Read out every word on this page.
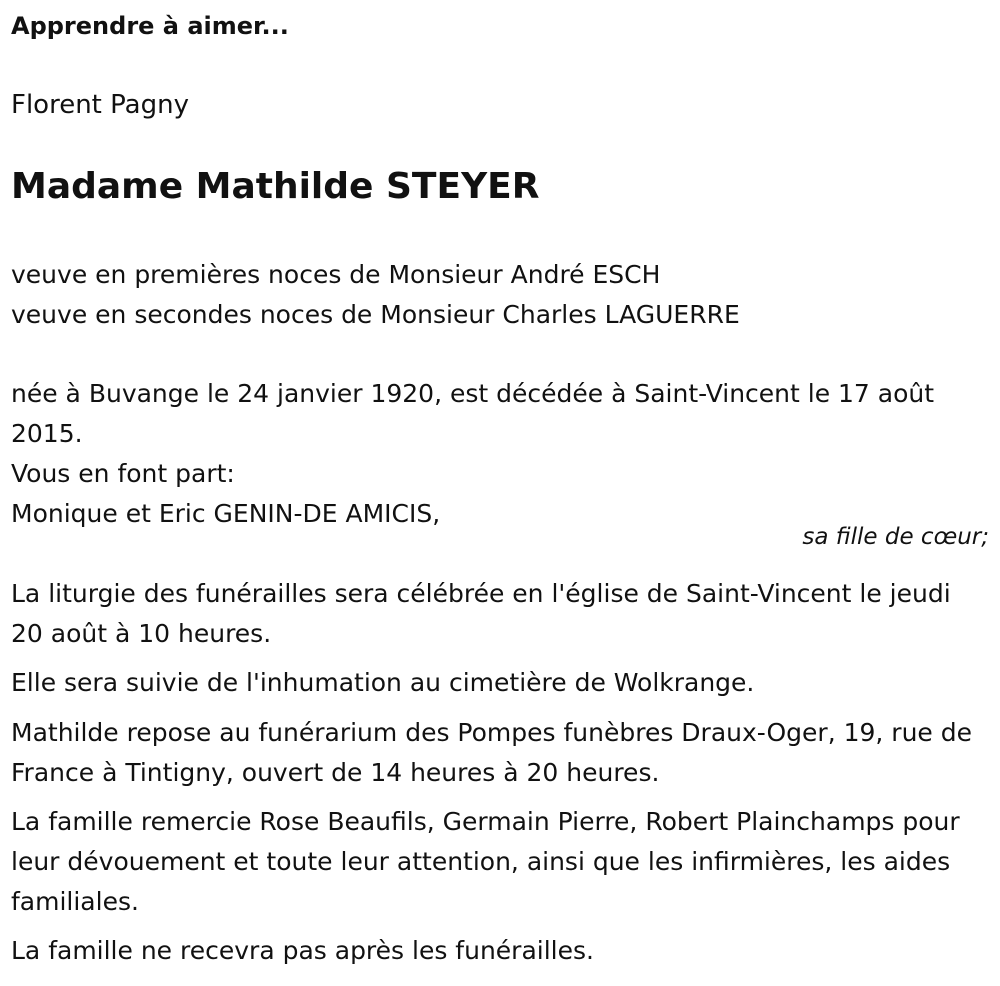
Apprendre à aimer...
Florent Pagny
Madame Mathilde STEYER
veuve en premières noces de Monsieur André ESCH
veuve en secondes noces de Monsieur Charles LAGUERRE
née à Buvange le 24 janvier 1920, est décédée à Saint-Vincent le 17 août 2015.
Vous en font part:
Monique et Eric GENIN-DE AMICIS,
sa fille de cœur;
La liturgie des funérailles sera célébrée en l'église de Saint-Vincent le jeudi 20 août à 10 heures.
Elle sera suivie de l'inhumation au cimetière de Wolkrange.
Mathilde repose au funérarium des Pompes funèbres Draux-Oger, 19, rue de France à Tintigny, ouvert de 14 heures à 20 heures.
La famille remercie Rose Beaufils, Germain Pierre, Robert Plainchamps pour leur dévouement et toute leur attention, ainsi que les infirmières, les aides familiales.
La famille ne recevra pas après les funérailles.
